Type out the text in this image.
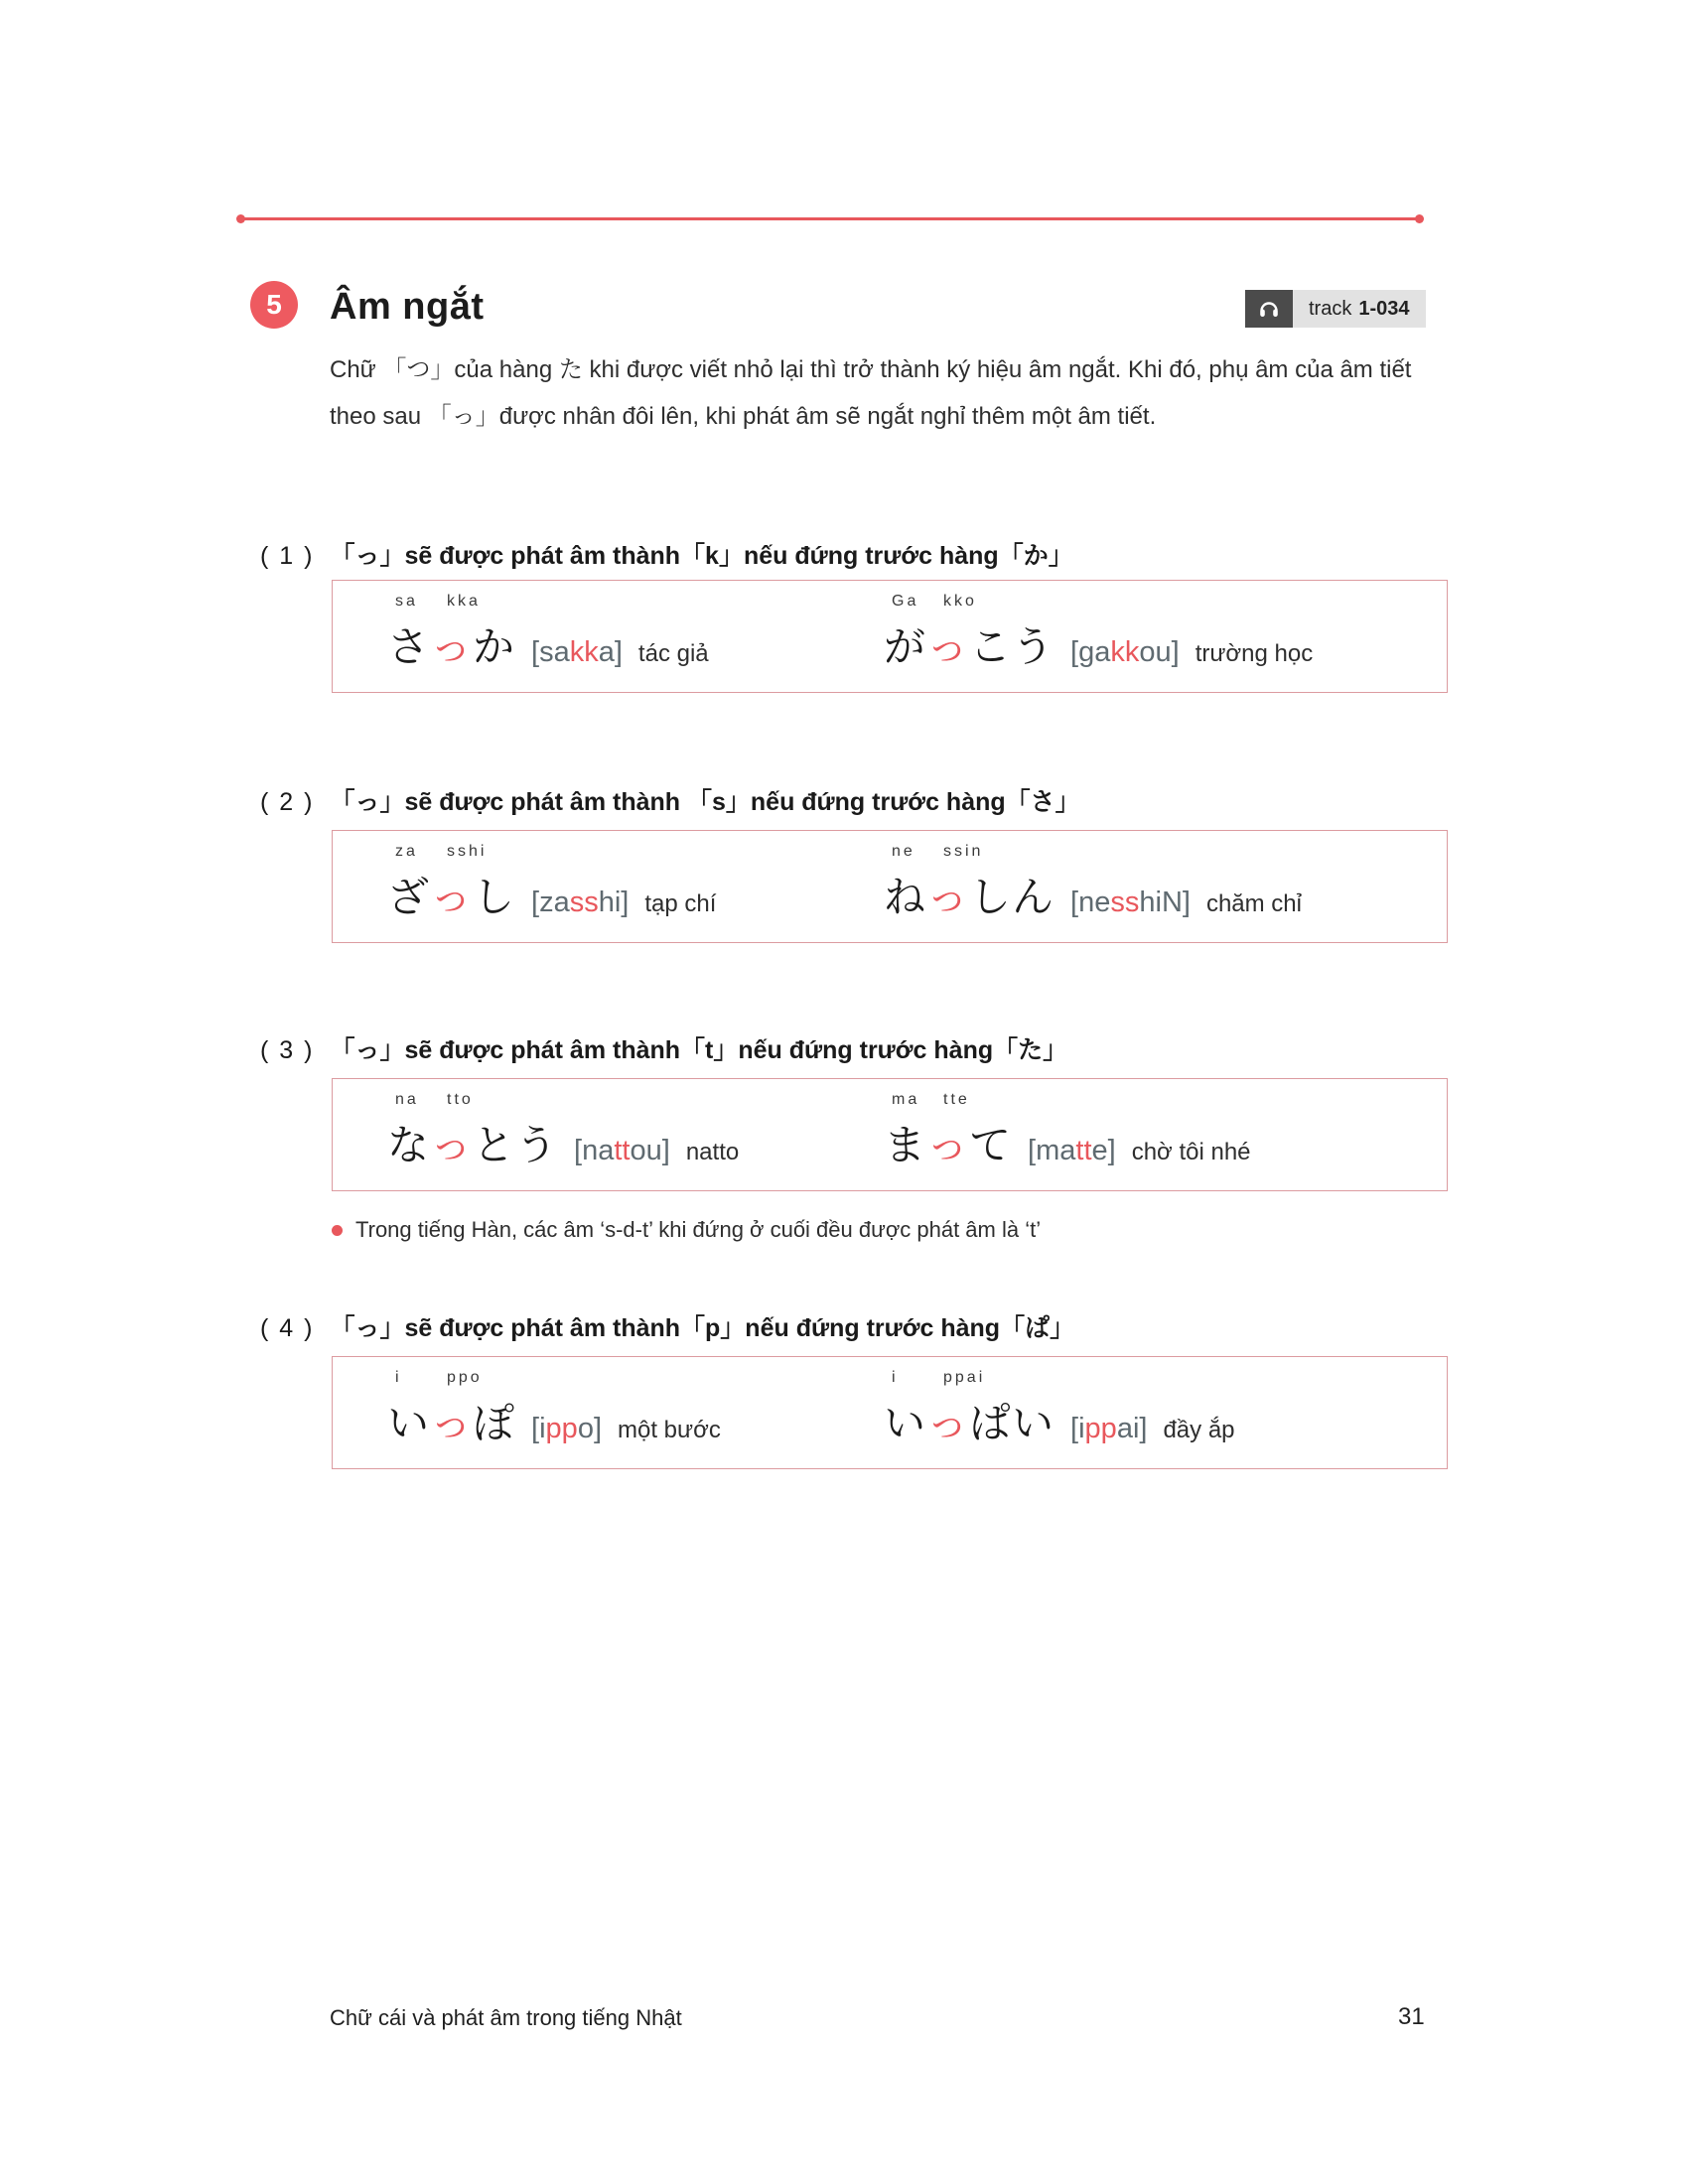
5	Âm ngắt	track 1-034

Chữ 「つ」của hàng た khi được viết nhỏ lại thì trở thành ký hiệu âm ngắt. Khi đó, phụ âm của âm tiết theo sau 「っ」được nhân đôi lên, khi phát âm sẽ ngắt nghỉ thêm một âm tiết.

( 1 ) 「っ」sẽ được phát âm thành「k」nếu đứng trước hàng「か」
sa kka
さっか [sakka] tác giả
Ga kko
がっこう [gakkou] trường học
( 2 ) 「っ」sẽ được phát âm thành 「s」nếu đứng trước hàng「さ」
za sshi
ざっし [zasshi] tạp chí
ne ssin
ねっしん [nesshiN] chăm chỉ
( 3 ) 「っ」sẽ được phát âm thành「t」nếu đứng trước hàng「た」
na tto
なっとう [nattou] natto
ma tte
まって [matte] chờ tôi nhé
Trong tiếng Hàn, các âm ‘s-d-t’ khi đứng ở cuối đều được phát âm là ‘t’
( 4 ) 「っ」sẽ được phát âm thành「p」nếu đứng trước hàng「ぱ」
i	ppo
いっぽ [ippo] một bước
i	ppai
いっぱい [ippai] đầy ắp
Chữ cái và phát âm trong tiếng Nhật	31
